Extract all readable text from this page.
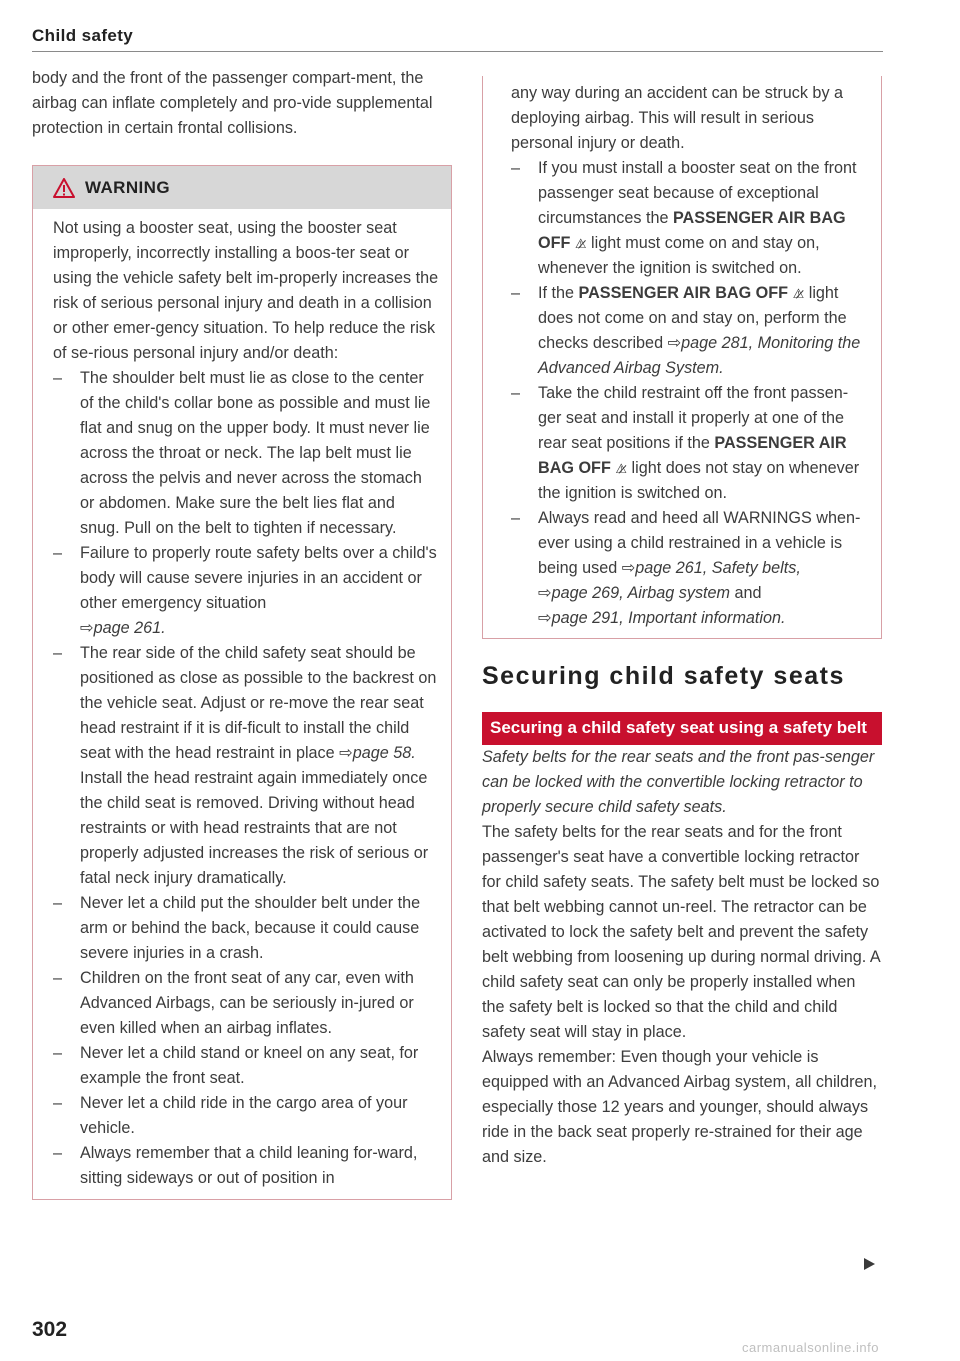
Child safety

body and the front of the passenger compart-ment, the airbag can inflate completely and pro-vide supplemental protection in certain frontal collisions.

WARNING
Not using a booster seat, using the booster seat improperly, incorrectly installing a boos-ter seat or using the vehicle safety belt im-properly increases the risk of serious personal injury and death in a collision or other emer-gency situation. To help reduce the risk of se-rious personal injury and/or death:
– The shoulder belt must lie as close to the center of the child's collar bone as possible and must lie flat and snug on the upper body. It must never lie across the throat or neck. The lap belt must lie across the pelvis and never across the stomach or abdomen. Make sure the belt lies flat and snug. Pull on the belt to tighten if necessary.
– Failure to properly route safety belts over a child's body will cause severe injuries in an accident or other emergency situation
⇨page 261.
– The rear side of the child safety seat should be positioned as close as possible to the backrest on the vehicle seat. Adjust or re-move the rear seat head restraint if it is dif-ficult to install the child seat with the head restraint in place ⇨page 58. Install the head restraint again immediately once the child seat is removed. Driving without head restraints or with head restraints that are not properly adjusted increases the risk of serious or fatal neck injury dramatically.
– Never let a child put the shoulder belt under the arm or behind the back, because it could cause severe injuries in a crash.
– Children on the front seat of any car, even with Advanced Airbags, can be seriously in-jured or even killed when an airbag inflates.
– Never let a child stand or kneel on any seat, for example the front seat.
– Never let a child ride in the cargo area of your vehicle.
– Always remember that a child leaning for-ward, sitting sideways or out of position in
any way during an accident can be struck by a deploying airbag. This will result in serious personal injury or death.
– If you must install a booster seat on the front passenger seat because of exceptional circumstances the PASSENGER AIR BAG OFF ⚠̷ light must come on and stay on, whenever the ignition is switched on.
– If the PASSENGER AIR BAG OFF ⚠̷ light does not come on and stay on, perform the checks described ⇨page 281, Monitoring the Advanced Airbag System.
– Take the child restraint off the front passen-ger seat and install it properly at one of the rear seat positions if the PASSENGER AIR BAG OFF ⚠̷ light does not stay on whenever the ignition is switched on.
– Always read and heed all WARNINGS when-ever using a child restrained in a vehicle is being used ⇨page 261, Safety belts,
⇨page 269, Airbag system and
⇨page 291, Important information.
Securing child safety seats
Securing a child safety seat using a safety belt

Safety belts for the rear seats and the front pas-senger can be locked with the convertible locking retractor to properly secure child safety seats.

The safety belts for the rear seats and for the front passenger's seat have a convertible locking retractor for child safety seats. The safety belt must be locked so that belt webbing cannot un-reel. The retractor can be activated to lock the safety belt and prevent the safety belt webbing from loosening up during normal driving. A child safety seat can only be properly installed when the safety belt is locked so that the child and child safety seat will stay in place.

Always remember: Even though your vehicle is equipped with an Advanced Airbag system, all children, especially those 12 years and younger, should always ride in the back seat properly re-strained for their age and size.

302
carmanualsonline.info
